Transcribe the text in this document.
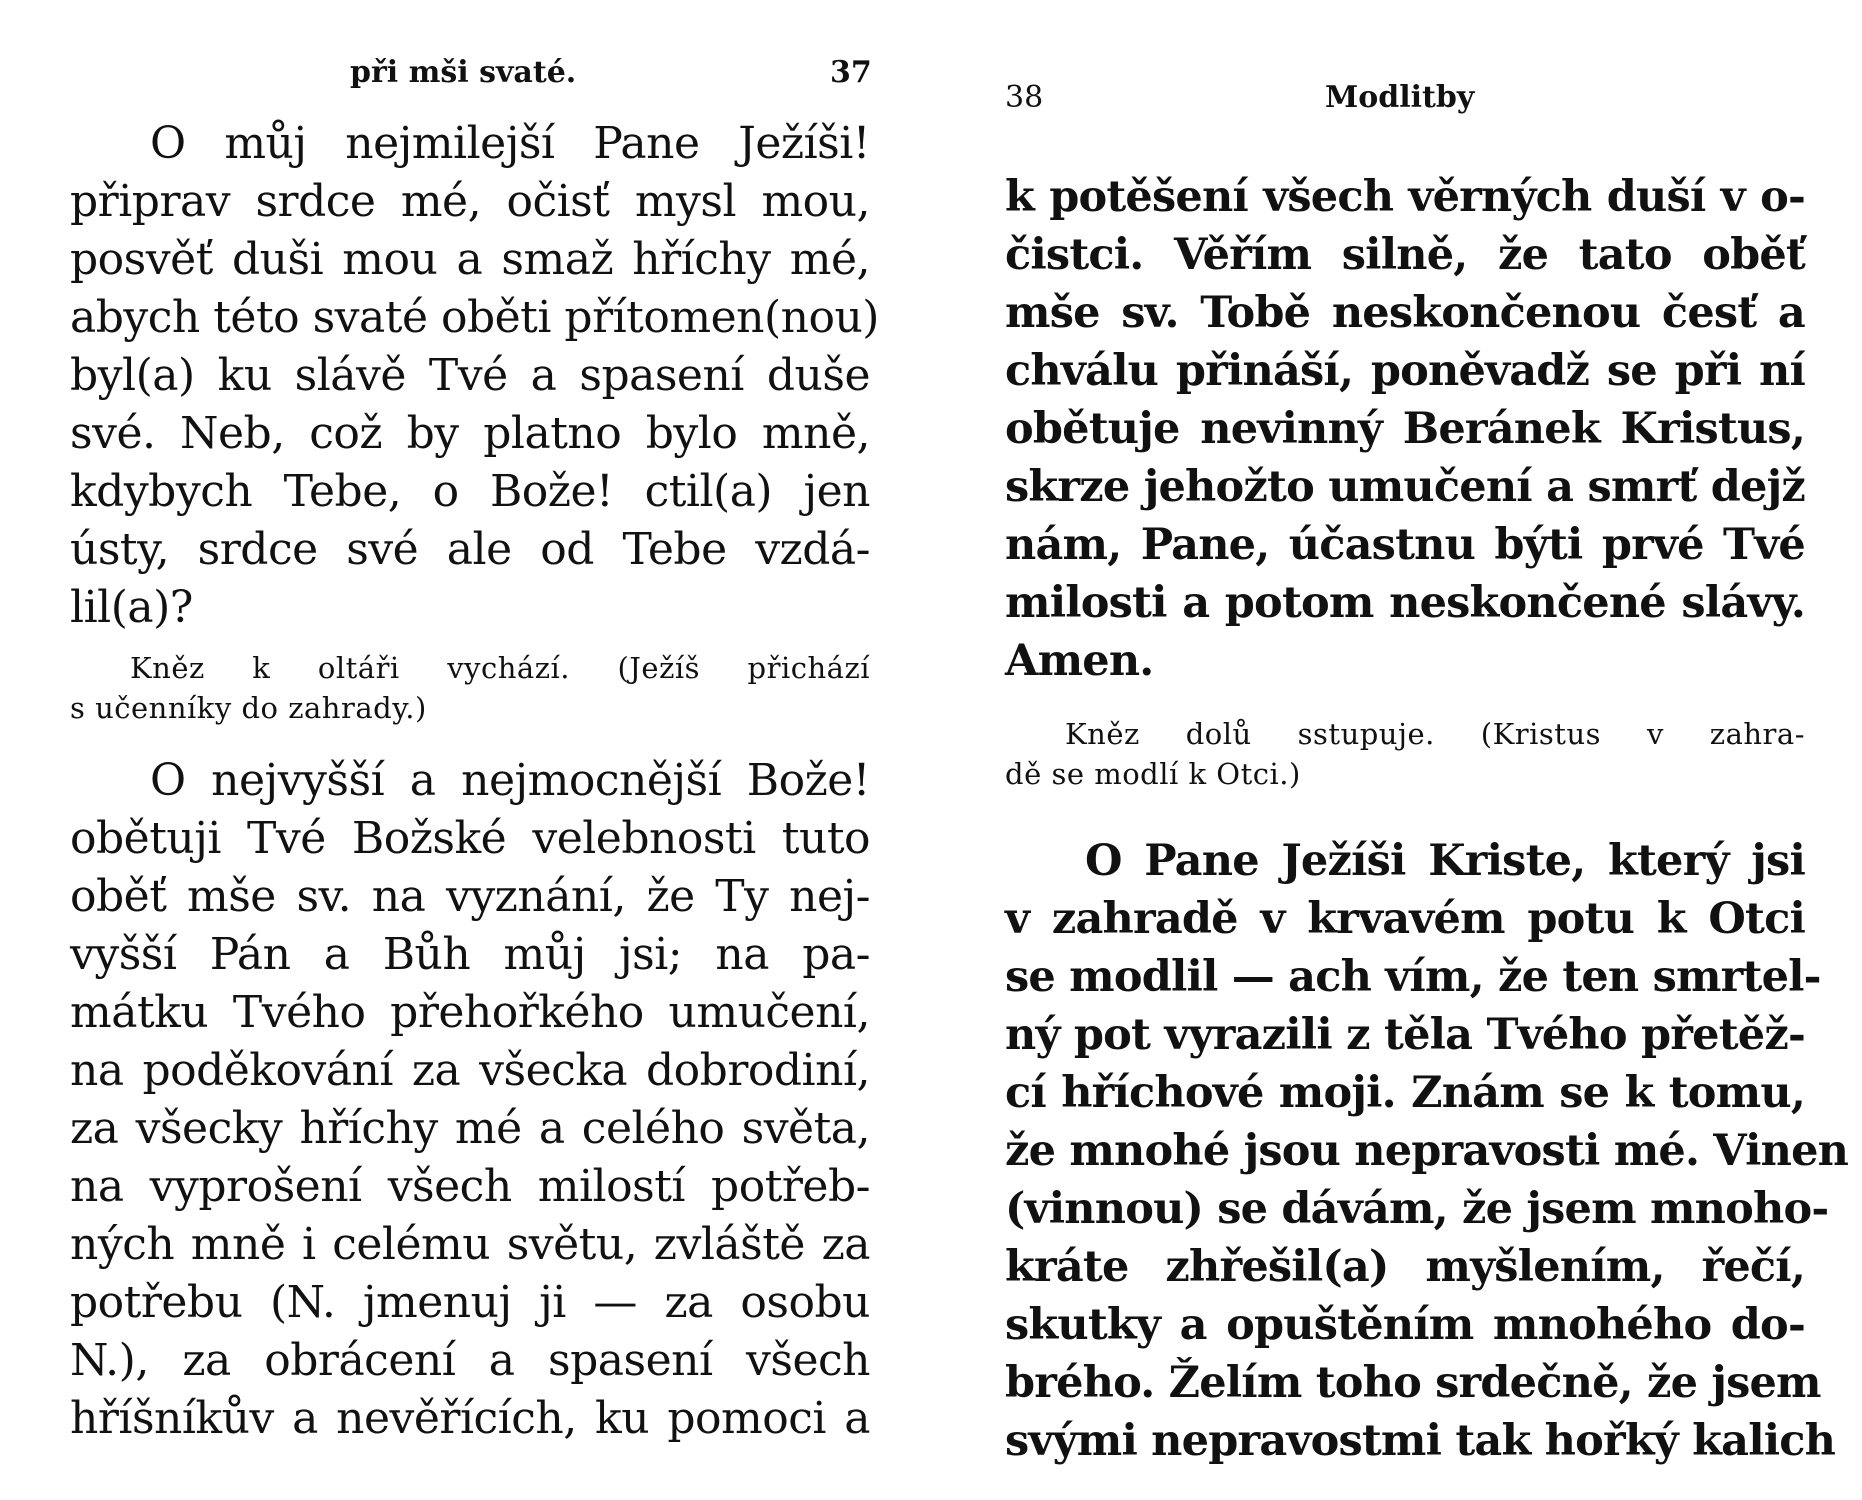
při mši svaté.	37
O můj nejmilejší Pane Ježíši!
připrav srdce mé, očisť mysl mou,
posvěť duši mou a smaž hříchy mé,
abych této svaté oběti přítomen(nou)
byl(a) ku slávě Tvé a spasení duše
své. Neb, což by platno bylo mně,
kdybych Tebe, o Bože! ctil(a) jen
ústy, srdce své ale od Tebe vzdá-
lil(a)?
Kněz k oltáři vychází. (Ježíš přichází
s učenníky do zahrady.)
O nejvyšší a nejmocnější Bože!
obětuji Tvé Božské velebnosti tuto
oběť mše sv. na vyznání, že Ty nej-
vyšší Pán a Bůh můj jsi; na pa-
mátku Tvého přehořkého umučení,
na poděkování za všecka dobrodiní,
za všecky hříchy mé a celého světa,
na vyprošení všech milostí potřeb-
ných mně i celému světu, zvláště za
potřebu (N. jmenuj ji — za osobu
N.), za obrácení a spasení všech
hříšníkův a nevěřících, ku pomoci a
38	Modlitby
k potěšení všech věrných duší v o-
čistci. Věřím silně, že tato oběť
mše sv. Tobě neskončenou česť a
chválu přináší, poněvadž se při ní
obětuje nevinný Beránek Kristus,
skrze jehožto umučení a smrť dejž
nám, Pane, účastnu býti prvé Tvé
milosti a potom neskončené slávy.
Amen.
Kněz dolů sstupuje. (Kristus v zahra-
dě se modlí k Otci.)
O Pane Ježíši Kriste, který jsi
v zahradě v krvavém potu k Otci
se modlil — ach vím, že ten smrtel-
ný pot vyrazili z těla Tvého přetěž-
cí hříchové moji. Znám se k tomu,
že mnohé jsou nepravosti mé. Vinen
(vinnou) se dávám, že jsem mnoho-
kráte zhřešil(a) myšlením, řečí,
skutky a opuštěním mnohého do-
brého. Želím toho srdečně, že jsem
svými nepravostmi tak hořký kalich
